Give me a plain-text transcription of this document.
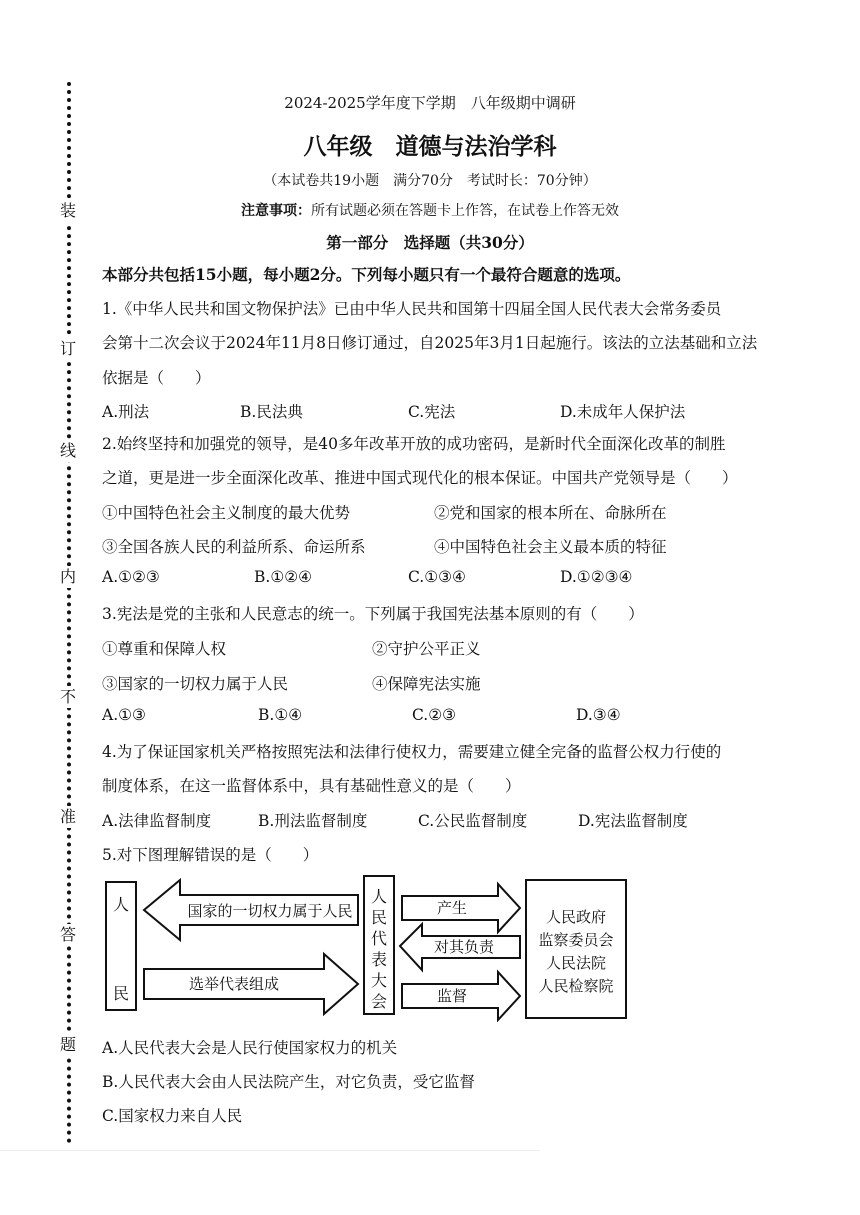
装
订
线
内
不
准
答
题
2024-2025学年度下学期　八年级期中调研
八年级　道德与法治学科
（本试卷共19小题　满分70分　考试时长：70分钟）
注意事项：所有试题必须在答题卡上作答，在试卷上作答无效
第一部分　选择题（共30分）
本部分共包括15小题，每小题2分。下列每小题只有一个最符合题意的选项。
1.《中华人民共和国文物保护法》已由中华人民共和国第十四届全国人民代表大会常务委员
会第十二次会议于2024年11月8日修订通过，自2025年3月1日起施行。该法的立法基础和立法
依据是（　　）
A.刑法	B.民法典	C.宪法	D.未成年人保护法
2.始终坚持和加强党的领导，是40多年改革开放的成功密码，是新时代全面深化改革的制胜
之道，更是进一步全面深化改革、推进中国式现代化的根本保证。中国共产党领导是（　　）
①中国特色社会主义制度的最大优势	②党和国家的根本所在、命脉所在
③全国各族人民的利益所系、命运所系	④中国特色社会主义最本质的特征
A.①②③	B.①②④	C.①③④	D.①②③④
3.宪法是党的主张和人民意志的统一。下列属于我国宪法基本原则的有（　　）
①尊重和保障人权	②守护公平正义
③国家的一切权力属于人民	④保障宪法实施
A.①③	B.①④	C.②③	D.③④
4.为了保证国家机关严格按照宪法和法律行使权力，需要建立健全完备的监督公权力行使的
制度体系，在这一监督体系中，具有基础性意义的是（　　）
A.法律监督制度	B.刑法监督制度	C.公民监督制度	D.宪法监督制度
5.对下图理解错误的是（　　）
人
民
国家的一切权力属于人民
选举代表组成
人
民
代
表
大
会
产生
对其负责
监督
人民政府
监察委员会
人民法院
人民检察院
A.人民代表大会是人民行使国家权力的机关
B.人民代表大会由人民法院产生，对它负责，受它监督
C.国家权力来自人民
